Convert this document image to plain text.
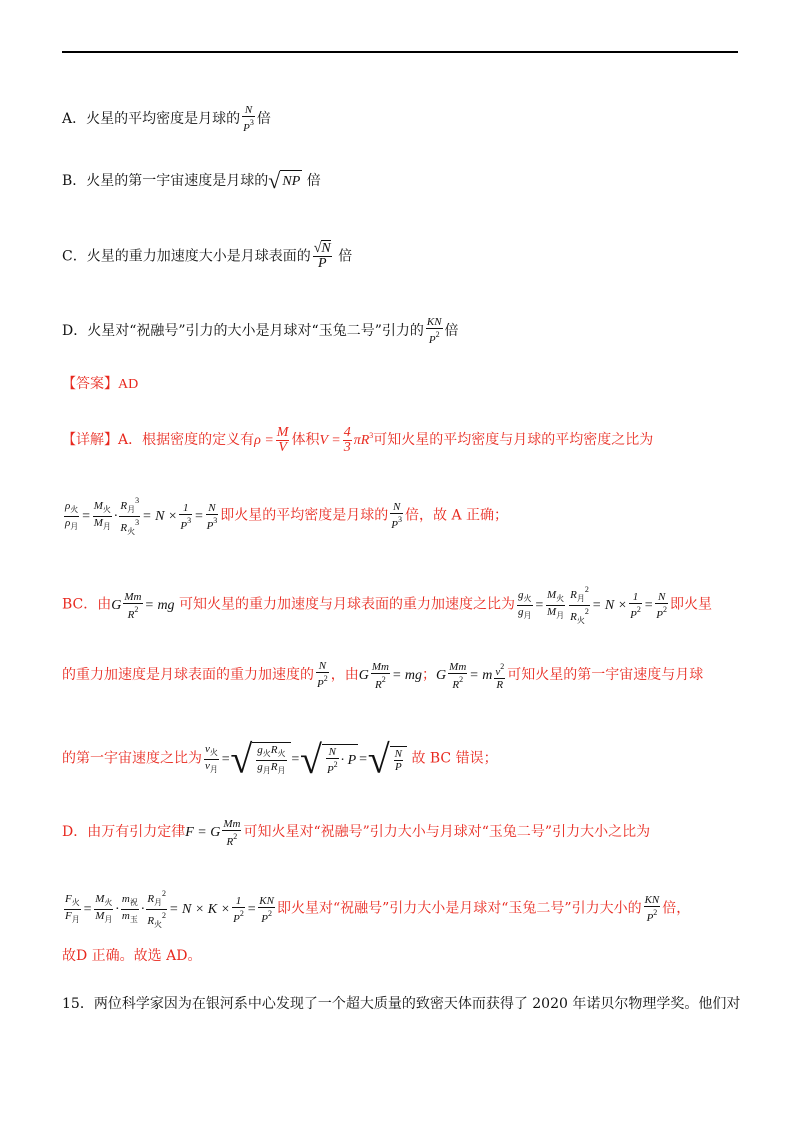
A．火星的平均密度是月球的 $\frac{N}{P^3}$ 倍
B．火星的第一宇宙速度是月球的√ NP 倍
C．火星的重力加速度大小是月球表面的 $\frac{√N}{P}$ 倍
D．火星对“祝融号”引力的大小是月球对“玉兔二号”引力的 $\frac{KN}{P^2}$ 倍
【答案】AD
【详解】A．根据密度的定义有$\rho = \frac{M}{V}$ 体积$V = \frac{4}{3} \pi R^3$可知火星的平均密度与月球的平均密度之比为
$\frac{\rho_火}{\rho_月} = \frac{M_火}{M_月} \cdot \frac{R_月^3}{R_火^3} = N \times \frac{1}{P^3} = \frac{N}{P^3}$ 即火星的平均密度是月球的 $\frac{N}{P^3}$ 倍，故 A 正确；
BC．由G $\frac{Mm}{R^2}$ = mg 可知火星的重力加速度与月球表面的重力加速度之比为 $\frac{g_火}{g_月} = \frac{M_火}{M_月} \frac{R_月^2}{R_火^2} = N \times \frac{1}{P^2} = \frac{N}{P^2}$ 即火星
的重力加速度是月球表面的重力加速度的 $\frac{N}{P^2}$ ，由G $\frac{Mm}{R^2}$ = mg；G $\frac{Mm}{R^2} = m \frac{v^2}{R}$ 可知火星的第一宇宙速度与月球
的第一宇宙速度之比为 $\frac{v_火}{v_月}$ =√ $\frac{g_火R_火}{g_月R_月}$ =√ $\frac{N}{P^2} \cdot P$ =√ $\frac{N}{P}$ 故 BC 错误；
D．由万有引力定律F = G $\frac{Mm}{R^2}$ 可知火星对“祝融号”引力大小与月球对“玉兔二号”引力大小之比为
$\frac{F_火}{F_月} = \frac{M_火}{M_月} \cdot \frac{m_祝}{m_玉} \cdot \frac{R_月^2}{R_火^2} = N \times K \times \frac{1}{P^2} = \frac{KN}{P^2}$ 即火星对“祝融号”引力大小是月球对“玉兔二号”引力大小的 $\frac{KN}{P^2}$ 倍，
故D 正确。故选 AD。
15．两位科学家因为在银河系中心发现了一个超大质量的致密天体而获得了 2020 年诺贝尔物理学奖。他们对
